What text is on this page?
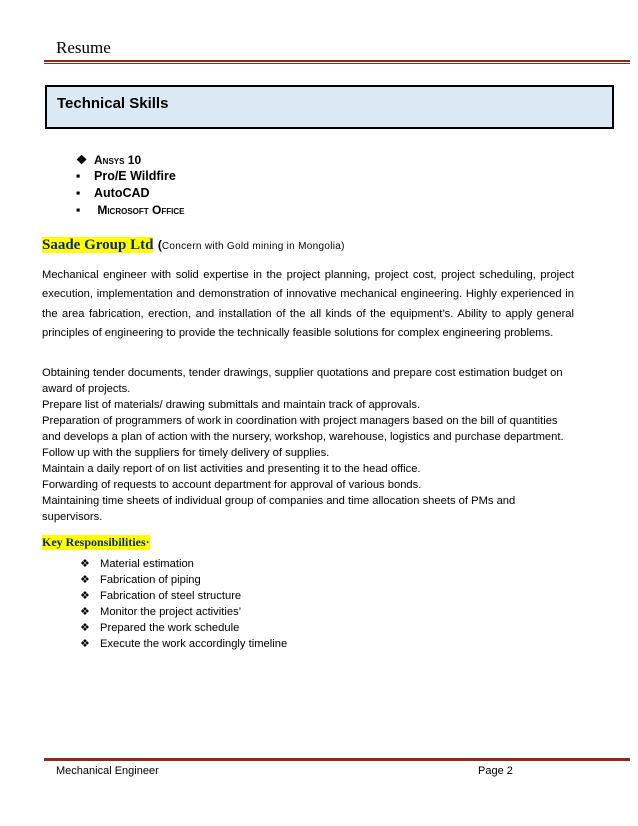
Resume
Technical Skills
❖ Ansys 10
▪ Pro/E Wildfire
▪ AutoCAD
▪ Microsoft Office
Saade Group Ltd (Concern with Gold mining in Mongolia)
Mechanical engineer with solid expertise in the project planning, project cost, project scheduling, project execution, implementation and demonstration of innovative mechanical engineering. Highly experienced in the area fabrication, erection, and installation of the all kinds of the equipment’s. Ability to apply general principles of engineering to provide the technically feasible solutions for complex engineering problems.
Obtaining tender documents, tender drawings, supplier quotations and prepare cost estimation budget on award of projects.
Prepare list of materials/ drawing submittals and maintain track of approvals.
Preparation of programmers of work in coordination with project managers based on the bill of quantities and develops a plan of action with the nursery, workshop, warehouse, logistics and purchase department.
Follow up with the suppliers for timely delivery of supplies.
Maintain a daily report of on list activities and presenting it to the head office.
Forwarding of requests to account department for approval of various bonds.
Maintaining time sheets of individual group of companies and time allocation sheets of PMs and supervisors.
Key Responsibilities·
❖ Material estimation
❖ Fabrication of piping
❖ Fabrication of steel structure
❖ Monitor the project activities’
❖ Prepared the work schedule
❖ Execute the work accordingly timeline
Mechanical Engineer	Page 2
